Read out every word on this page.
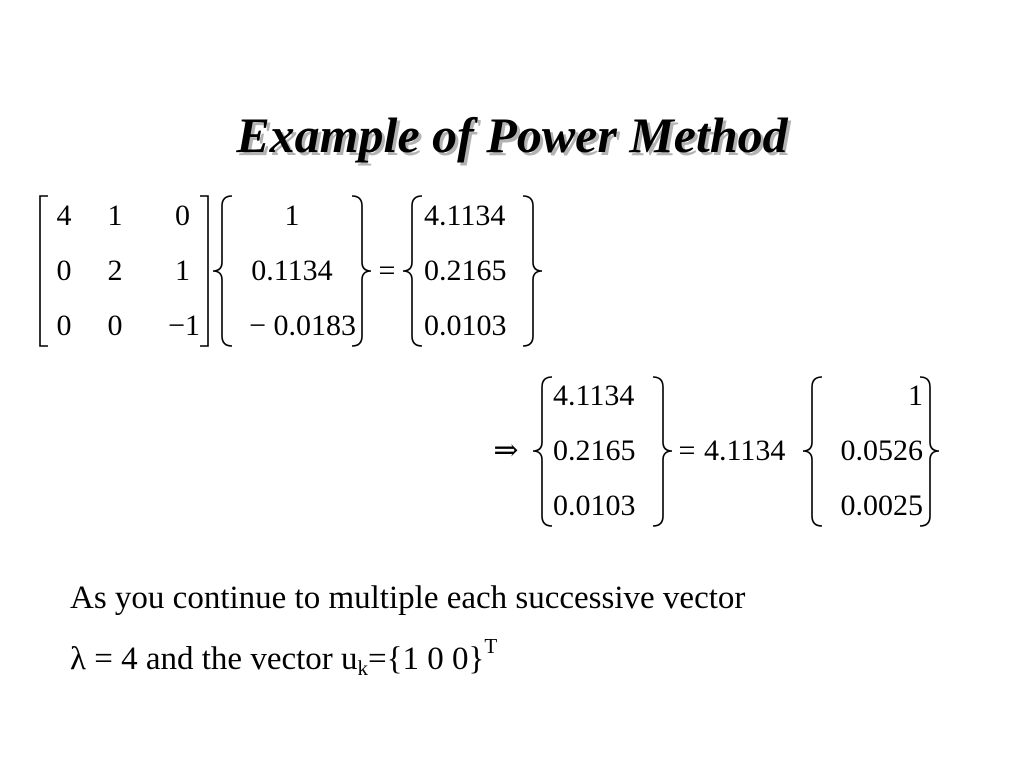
Example of Power Method
4 1	0
0 2	1
0 0	−1
1
0.1134
− 0.0183
=
4.1134
0.2165
0.0103
⇒
4.1134
0.2165
0.0103
= 4.1134
1
0.0526
0.0025

As you continue to multiple each successive vector

λ = 4 and the vector $u_k=\{1$ 0 0}$^T$
